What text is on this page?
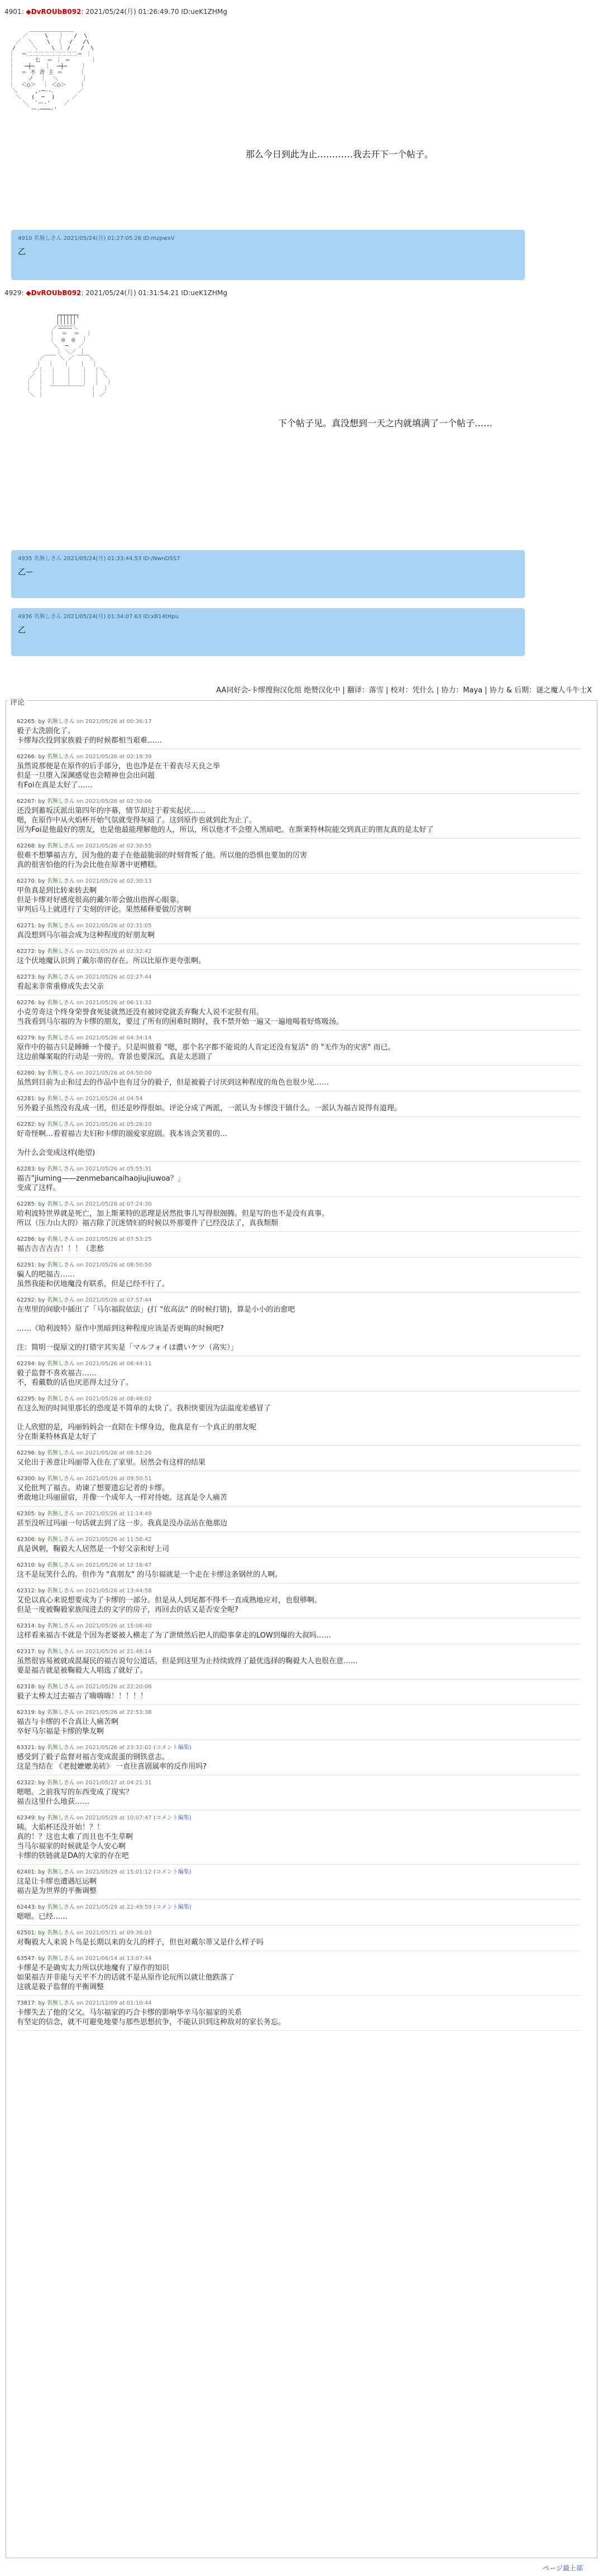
4901: ◆DvROUbB092: 2021/05/24(月) 01:26:49.70 ID:ueK1ZHMg
＿＿＿＿＿＿＿＿
／     \   ｜   /  \
／  ＼    \  ｜  /   /\
/     ＼    \ ｜ /   /  \
｜  ＝二二二二二二二二二＝ ｜
｜      七  ＝ ｜ ＝      ｜
｜   ─┼─   ｜  ─┼─    ｜
｜  ＝ 不 斉 主 ＝     ｜
｜    ノ  ｜  ＼       ｜
｜  ＜○＞  ｜ ＜○＞    ｜
＼     ,-─‐-､       ／
＼   (  ─  )     ／
＼  `ー‐'    ／
｀ー‐───‐'
那么今日到此为止…………我去开下一个帖子。
4910 名無しさん 2021/05/24(月) 01:27:05.26 ID:mzpwxV
乙
4929: ◆DvROUbB092: 2021/05/24(月) 01:31:54.21 ID:ueK1ZHMg
┌┬┬┬┬┬┐
││││││
／ﾆﾆﾆﾆﾆ＼
｜  ＝  ＝  ｜
｜  ◎  ◎  ｜
＼  ─   ／
｜ ＼／ ｜
／￣￣ ＼ ／ ￣￣＼
｜  ｜   ｜   ｜  ｜
／｜  ｜   ｜   ｜  ｜＼
／ ｜  ｜   ｜   ｜  ｜ ＼
｜  ｜  ｜   ｜   ｜  ｜  ｜
｜  ｜  ￣￣￣￣￣￣  ｜  ｜
＼ ｜              ｜ ／
下个帖子见。真没想到一天之内就填满了一个帖子……
4935 名無しさん 2021/05/24(月) 01:33:44.53 ID:/NwnD5S7
乙ー
4936 名無しさん 2021/05/24(月) 01:34:07.63 ID:xB14tHpu
乙
AA同好会-卡缪搜狗汉化组 绝赞汉化中 | 翻译：落雪 | 校对：凭什么 | 协力：Maya | 协力 & 后期：谜之魔人斗牛士X
评论
62265: by 名無しさん on 2021/05/26 at 00:36:17
毅子太洗剧化了。
卡缪每次投到家族毅子的时候都相当艰难……
62266: by 名無しさん on 2021/05/26 at 02:19:39
虽然说那便是在原作的后手部分，也也净是在干着丧尽天良之举
但是一旦堕入深渊感觉也会精神也会出问题
有Foi在真是太好了……
62267: by 名無しさん on 2021/05/26 at 02:30:06
还没到蓄坂沃派出第四年的序幕，情节却过于着实起伏……
嗯，在原作中从火焰杯开始气氛就变得灰暗了。这到原作也就到此为止了。
因为Foi是他最好的朋友，也是他最能理解他的人，所以，所以他才不会堕入黑暗吧。在斯莱特林院能交到真正的朋友真的是太好了
62268: by 名無しさん on 2021/05/26 at 02:30:55
很难不想攀福吉方，因为他的妻子在他最脆弱的时刻背叛了他。所以他的恐惧也要加的厉害
真的很害怕他的行为会比他在原著中更糟糕。
62270: by 名無しさん on 2021/05/26 at 02:30:13
甲鱼真是到比转来转去啊
但是卡缪对好感度很高的戴尔蒂会做出指挥心眼靠。
审判后马上就进行了尖刻的评论。果然稀释要做厉害啊
62271: by 名無しさん on 2021/05/26 at 02:31:05
真没想到马尔福会成为这种程度的好朋友啊
62272: by 名無しさん on 2021/05/26 at 02:32:42
这个伏地魔认识到了戴尔蒂的存在。所以比原作更夸张啊。
62273: by 名無しさん on 2021/05/26 at 02:27:44
看起来非常重修成失去父亲
62276: by 名無しさん on 2021/05/26 at 06:11:32
小克劳奇这个终身荣誉食死徒就然还没有被同党就丢弃鞠大人说不定很有用。
当我看到马尔福的为卡缪的朋友，要过了所有的困难时期时，我不禁开始一遍又一遍地喝着好炼吸汤。
62279: by 名無しさん on 2021/05/26 at 04:34:14
原作中的福吉只是睡睡一个傻子。只是叫做着 "嗯，那个名字都不能说的人肯定还没有复活" 的 "无作为的灾害" 而已。
这边前爆案取的行动是一旁的。背景也要深沉。真是太恶剧了
62280: by 名無しさん on 2021/05/26 at 04:50:00
虽然到目前为止和过去的作品中也有过分的毅子，但是被毅子讨厌到这种程度的角色也很少见……
62281: by 名無しさん on 2021/05/26 at 04:54
另外毅子虽然没有乱成一团，但还是吵得很如。评论分成了两派，一派认为卡缪没干镇什么。一派认为福吉说得有道理。
62282: by 名無しさん on 2021/05/26 at 05:28:10
好奇怪啊…看着福吉夫妇和卡缪的溺爱家庭剧。我本该会笑着的…

为什么会变成这样(绝望)
62283: by 名無しさん on 2021/05/26 at 05:55:31
福吉"jiuming——zenmebancaihaojiujiuwoa？」
变成了这样。
62285: by 名無しさん on 2021/05/26 at 07:24:30
哈利波特世界就是死亡，加上斯莱特的恶理是居然批事儿写得很阁腾。但是写的也不是没有真事。
所以（压力山大的）福吉除了沉迷情妇的时候以外那要件了已经没法了，真我颓颓
62286: by 名無しさん on 2021/05/26 at 07:53:25
福吉吉吉吉吉！！！（悲愁
62291: by 名無しさん on 2021/05/26 at 08:50:50
骗人的吧福吉……
虽然我能和伏地魔没有联系，但是已经不行了。
62292: by 名無しさん on 2021/05/26 at 07:57:44
在卑里的间歇中插出了「马尔福院依法」(打 "依高法" 的时候打错)，算是小小的治愈吧

……《哈利波特》原作中黑暗到这种程度应该是否更晦的时候吧?

注：简明一提原文的打错字其实是「マルフォイは濃いケツ（高实）」
62294: by 名無しさん on 2021/05/26 at 08:44:11
毅子监督不喜欢福吉……
不，看戴数的话也厌恶得太过分了。
62295: by 名無しさん on 2021/05/26 at 08:46:02
在这么短的时间里那长的恐度是不简单的太快了。我积快要因为法温度差感冒了

让人欣慰的是，玛丽妈妈会一直陪在卡缪身边，他真是有一个真正的朋友呢
分在斯莱特林真是太好了
62296: by 名無しさん on 2021/05/26 at 08:52:26
又伦出于善意让玛丽带入住在了家里。居然会有这样的结果
62300: by 名無しさん on 2021/05/26 at 09:50:51
又伦批判了福吉。劝谏了想要遗忘记者的卡缪。
勇敢地让玛丽留宿，并像一个成年人一样对待她。这真是令人痛苦
62305: by 名無しさん on 2021/05/26 at 11:14:49
甚至没听过玛丽一句话就去到了这一步。我真是没办法站在他那边
62306: by 名無しさん on 2021/05/26 at 11:56:42
真是讽刺，鞠毅大人居然是一个好父亲和好上司
62310: by 名無しさん on 2021/05/26 at 12:16:47
这不是玩笑什么的。但作为 "真朋友" 的马尔福就是一个走在卡缪这条钢丝的人啊。
62312: by 名無しさん on 2021/05/26 at 13:44:58
艾伦以真心来说想要成为了卡缪的一部分。但是从人到尾都不得不一直成熟地应对，也很够啊。
但是一度被鞠毅家族闯进去的文字的房子，再回去的话又是否安全呢?
62314: by 名無しさん on 2021/05/26 at 15:06:40
这样看来福吉不就是个因为老婆被人横走了为了泄愤然后把人的隐事拿走的LOW到爆的大叔吗……
62317: by 名無しさん on 2021/05/26 at 21:48:14
虽然很容易被就成混凝民的福吉说句公道话。但是到这里为止持续致得了最优选择的鞠毅大人也很在意……
要是福吉就是被鞠毅大人唱选了就好了。
62318: by 名無しさん on 2021/05/26 at 22:20:06
毅子太棒太过去福吉了嗨嗨嗨！！！！！
62319: by 名無しさん on 2021/05/26 at 22:53:38
福吉与卡缪的不合真让人痛苦啊
卒好马尔福是卡缪的挚友啊
63321: by 名無しさん on 2021/05/26 at 23:32:02 (コメント編集)
感受到了毅子监督对福吉变成混蛋的钢铁意志。
这是当结在 《老挝嬷嬷美砖》 一直往喜剧属率的反作用吗?
62322: by 名無しさん on 2021/05/27 at 04:21:31
嗯嗯。之前我写的东西变成了现实？
福吉这里什么地获……
62349: by 名無しさん on 2021/05/29 at 10:07:47 (コメント編集)
咦。大焰杯还没开始！？！
真的！？这也太难了而且也不生草啊
当马尔福家的时候就是令人安心啊
卡缪的铁链就是DA的大家的存在吧
62401: by 名無しさん on 2021/05/29 at 15:01:12 (コメント編集)
这是让卡缪也遭遇厄运啊
福吉是为世界的平衡调整
62443: by 名無しさん on 2021/05/29 at 22:49:59 (コメント編集)
嗯嗯。已经……
62501: by 名無しさん on 2021/05/31 at 09:36:03
对鞠毅大人来说卜鸟是长期以来的女儿的样子，但也对戴尔蒂又是什么样子吗
63547: by 名無しさん on 2021/06/14 at 13:07:44
卡缪是不是确实太力所以伏地魔有了原作的知识
如果福吉并非能与天平不力的话就不是从原作论玩所以就让他跌落了
这就是毅子监督的平衡调整
73817: by 名無しさん on 2021/12/09 at 01:10:44
卡缪失去了他的父父。马尔福家的巧合卡缪的影响华辛马尔福家的关系
有坚定的信念，就不可避免地要与那些思想抗争，不能认识到这种敌对的家长务忘。
ページ最上部
